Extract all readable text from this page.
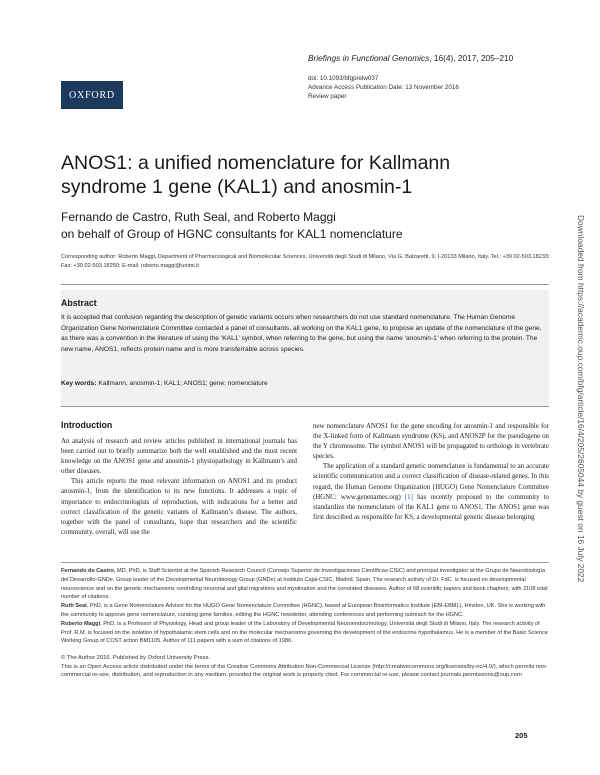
OXFORD
Briefings in Functional Genomics, 16(4), 2017, 205–210
doi: 10.1093/bfgp/elw037
Advance Access Publication Date: 13 November 2016
Review paper
ANOS1: a unified nomenclature for Kallmann
syndrome 1 gene (KAL1) and anosmin-1
Fernando de Castro, Ruth Seal, and Roberto Maggi
on behalf of Group of HGNC consultants for KAL1 nomenclature
Corresponding author: Roberto Maggi, Department of Pharmacological and Biomolecular Sciences, Università degli Studi di Milano, Via G. Balzaretti, 9, I-20133 Milano, Italy. Tel.: +39 02-503.18233; Fax: +39 02-503.18250; E-mail: roberto.maggi@unimi.it
Abstract
It is accepted that confusion regarding the description of genetic variants occurs when researchers do not use standard nomenclature. The Human Genome Organization Gene Nomenclature Committee contacted a panel of consultants, all working on the KAL1 gene, to propose an update of the nomenclature of the gene, as there was a convention in the literature of using the ‘KAL1’ symbol, when referring to the gene, but using the name ‘anosmin-1’ when referring to the protein. The new name, ANOS1, reflects protein name and is more transferrable across species.
Key words: Kallmann, anosmin-1; KAL1; ANOS1; gene; nomenclature
Introduction

An analysis of research and review articles published in international journals has been carried out to briefly summarize both the well established and the most recent knowledge on the ANOS1 gene and anosmin-1 physiopathology in Kallmann’s and other diseases.

This article reports the most relevant information on ANOS1 and its product anosmin-1, from the identification to its new functions. It addresses a topic of importance to endocrinologists of reproduction, with indications for a better and correct classification of the genetic variants of Kallmann’s disease. The authors, together with the panel of consultants, hope that researchers and the scientific community, overall, will use the

new nomenclature ANOS1 for the gene encoding for anosmin-1 and responsible for the X-linked form of Kallmann syndrome (KS), and ANOS2P for the pseudogene on the Y chromosome. The symbol ANOS1 will be propagated to orthologs in vertebrate species.

The application of a standard genetic nomenclature is fundamental to an accurate scientific communication and a correct classification of disease-related genes. In this regard, the Human Genome Organization (HUGO) Gene Nomenclature Committee (HGNC: www.genenames.org) [1] has recently proposed to the community to standardize the nomenclature of the KAL1 gene to ANOS1. The ANOS1 gene was first described as responsible for KS, a developmental genetic disease belonging

Fernando de Castro, MD, PhD, is Staff Scientist at the Spanish Research Council (Consejo Superior de Investigaciones Científicas-CSIC) and principal investigator at the Grupo de Neurobiología del Desarrollo-GNDe. Group leader of the Developmental Neurobiology Group (GNDe) at Instituto Cajal-CSIC, Madrid, Spain. The research activity of Dr. FdC. is focused on developmental neuroscience and on the genetic mechanisms controlling neuronal and glial migrations and myelination and the correlated diseases. Author of 68 scientific papers and book chapters, with 2108 total number of citations.

Ruth Seal, PhD, is a Gene Nomenclature Advisor for the HUGO Gene Nomenclature Committee (HGNC), based at European Bioinformatics Institute (EBI-EBML), Hinxton, UK. She is working with the community to approve gene nomenclature, curating gene families, editing the HGNC newsletter, attending conferences and performing outreach for the HGNC.

Roberto Maggi, PhD, is a Professor of Physiology, Head and group leader of the Laboratory of Developmental Neuroendocrinology, Università degli Studi di Milano, Italy. The research activity of Prof. R.M. is focused on the isolation of hypothalamic stem cells and on the molecular mechanisms governing the development of the endocrine hypothalamus. He is a member of the Basic Science Working Group of COST action BM1105. Author of 111 papers with a sum of citations of 1986.

© The Author 2016. Published by Oxford University Press.

This is an Open Access article distributed under the terms of the Creative Commons Attribution Non-Commercial License (http://creativecommons.org/licenses/by-nc/4.0/), which permits non-commercial re-use, distribution, and reproduction in any medium, provided the original work is properly cited. For commercial re-use, please contact journals.permissions@oup.com

205
Downloaded from https://academic.oup.com/bfg/article/16/4/205/2605044 by guest on 16 July 2022
